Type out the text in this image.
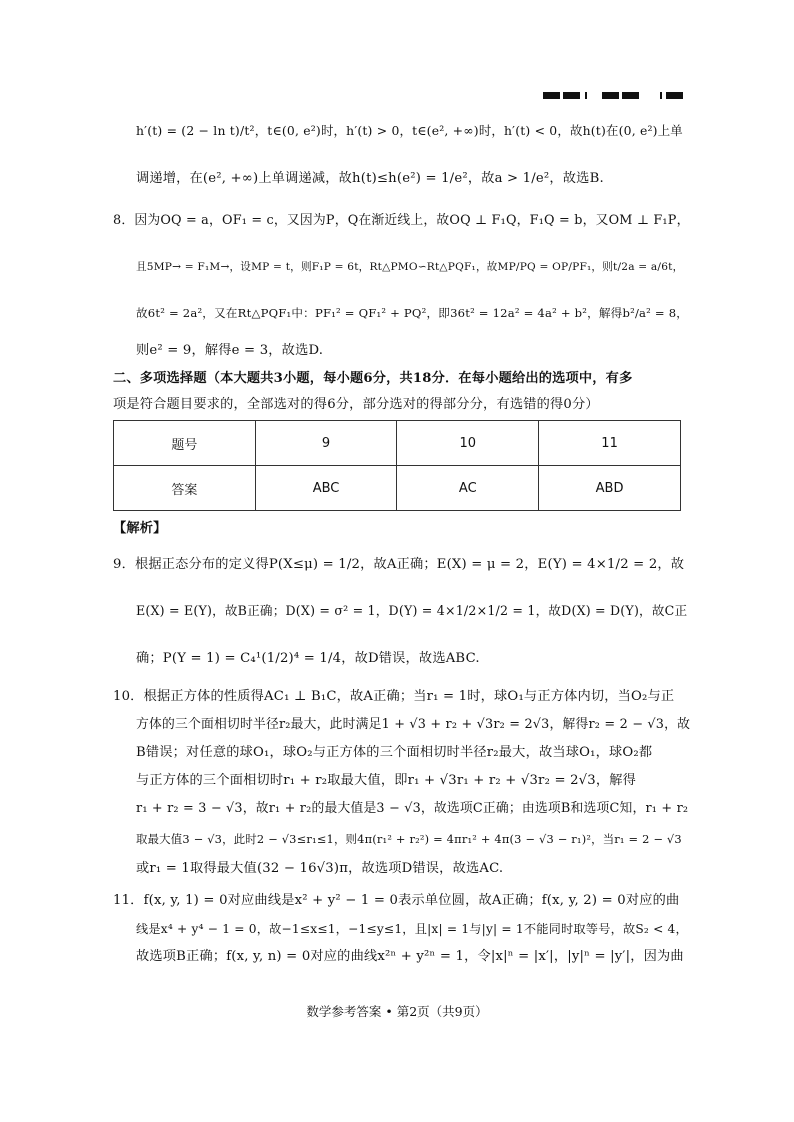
h′(t) = (2 − ln t)/t²，t∈(0, e²)时，h′(t) > 0，t∈(e², +∞)时，h′(t) < 0，故h(t)在(0, e²)上单
调递增，在(e², +∞)上单调递减，故h(t)≤h(e²) = 1/e²，故a > 1/e²，故选B.
8．因为OQ = a，OF₁ = c，又因为P，Q在渐近线上，故OQ ⊥ F₁Q，F₁Q = b，又OM ⊥ F₁P，
且5MP→ = F₁M→，设MP = t，则F₁P = 6t，Rt△PMO∽Rt△PQF₁，故MP/PQ = OP/PF₁，则t/2a = a/6t，
故6t² = 2a²，又在Rt△PQF₁中：PF₁² = QF₁² + PQ²，即36t² = 12a² = 4a² + b²，解得b²/a² = 8，
则e² = 9，解得e = 3，故选D.
二、多项选择题（本大题共3小题，每小题6分，共18分．在每小题给出的选项中，有多
项是符合题目要求的，全部选对的得6分，部分选对的得部分分，有选错的得0分）
题号	9	10	11
答案	ABC	AC	ABD
【解析】
9．根据正态分布的定义得P(X≤μ) = 1/2，故A正确；E(X) = μ = 2，E(Y) = 4×1/2 = 2，故
E(X) = E(Y)，故B正确；D(X) = σ² = 1，D(Y) = 4×1/2×1/2 = 1，故D(X) = D(Y)，故C正
确；P(Y = 1) = C₄¹(1/2)⁴ = 1/4，故D错误，故选ABC.
10．根据正方体的性质得AC₁ ⊥ B₁C，故A正确；当r₁ = 1时，球O₁与正方体内切，当O₂与正
方体的三个面相切时半径r₂最大，此时满足1 + √3 + r₂ + √3r₂ = 2√3，解得r₂ = 2 − √3，故
B错误；对任意的球O₁，球O₂与正方体的三个面相切时半径r₂最大，故当球O₁，球O₂都
与正方体的三个面相切时r₁ + r₂取最大值，即r₁ + √3r₁ + r₂ + √3r₂ = 2√3，解得
r₁ + r₂ = 3 − √3，故r₁ + r₂的最大值是3 − √3，故选项C正确；由选项B和选项C知，r₁ + r₂
取最大值3 − √3，此时2 − √3≤r₁≤1，则4π(r₁² + r₂²) = 4πr₁² + 4π(3 − √3 − r₁)²，当r₁ = 2 − √3
或r₁ = 1取得最大值(32 − 16√3)π，故选项D错误，故选AC.
11．f(x, y, 1) = 0对应曲线是x² + y² − 1 = 0表示单位圆，故A正确；f(x, y, 2) = 0对应的曲
线是x⁴ + y⁴ − 1 = 0，故−1≤x≤1，−1≤y≤1，且|x| = 1与|y| = 1不能同时取等号，故S₂ < 4，
故选项B正确；f(x, y, n) = 0对应的曲线x²ⁿ + y²ⁿ = 1，令|x|ⁿ = |x′|，|y|ⁿ = |y′|，因为曲
数学参考答案 • 第2页（共9页）
